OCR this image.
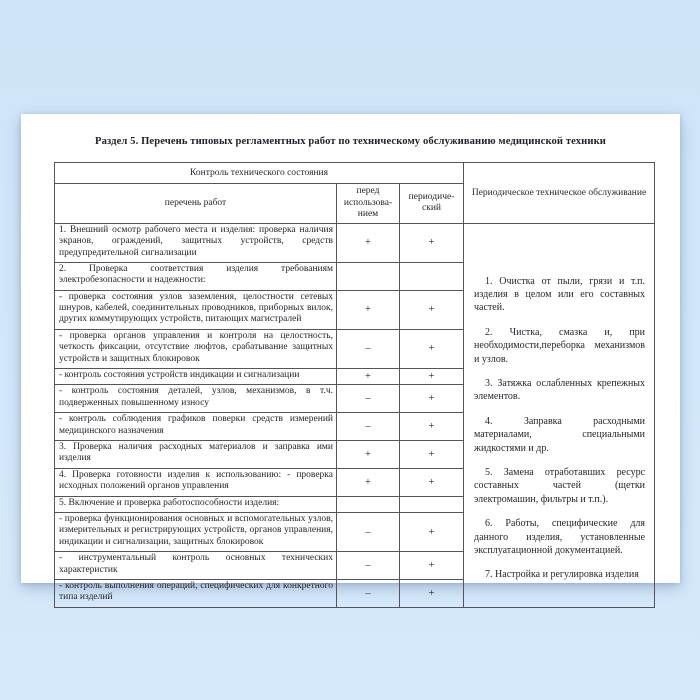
Раздел 5. Перечень типовых регламентных работ по техническому обслуживанию медицинской техники
Контроль технического состояния			Периодическое техническое обслуживание
перечень работ	перед использова-нием	периодиче-ский	
1. Внешний осмотр рабочего места и изделия: проверка наличия экранов, ограждений, защитных устройств, средств предупредительной сигнализации	+	+	

1. Очистка от пыли, грязи и т.п. изделия в целом или его составных частей.

2. Чистка, смазка и, при необходимости,переборка механизмов и узлов.

3. Затяжка ослабленных крепежных элементов.

4. Заправка расходными материалами, специальными жидкостями и др.

5. Замена отработавших ресурс составных частей (щетки электромашин, фильтры и т.п.).

6. Работы, специфические для данного изделия, установленные эксплуатационной документацией.

7. Настройка и регулировка изделия

2. Проверка соответствия изделия требованиям электробезопасности и надежности:			
- проверка состояния узлов заземления, целостности сетевых шнуров, кабелей, соединительных проводников, приборных вилок, других коммутирующих устройств, питающих магистралей	+	+	
- проверка органов управления и контроля на целостность, четкость фиксации, отсутствие люфтов, срабатывание защитных устройств и защитных блокировок	–	+	
- контроль состояния устройств индикации и сигнализации	+	+	
- контроль состояния деталей, узлов, механизмов, в т.ч. подверженных повышенному износу	–	+	
- контроль соблюдения графиков поверки средств измерений медицинского назначения	–	+	
3. Проверка наличия расходных материалов и заправка ими изделия	+	+	
4. Проверка готовности изделия к использованию: - проверка исходных положений органов управления	+	+	
5. Включение и проверка работоспособности изделия:			
- проверка функционирования основных и вспомогательных узлов, измерительных и регистрирующих устройств, органов управления, индикации и сигнализации, защитных блокировок	–	+	
- инструментальный контроль основных технических характеристик	–	+	
- контроль выполнения операций, специфических для конкретного типа изделий	–	+	
